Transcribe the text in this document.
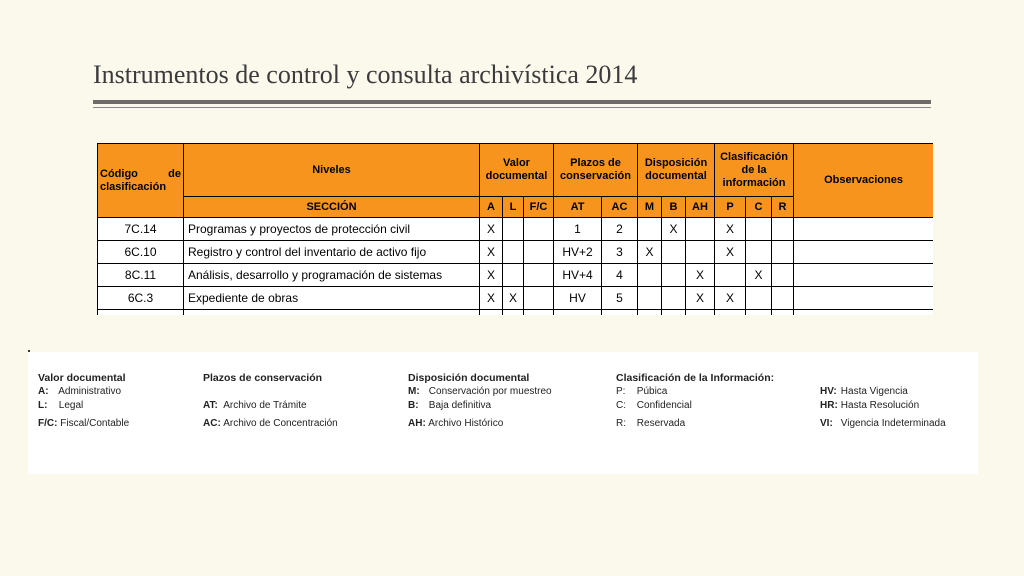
Instrumentos de control y consulta archivística 2014
Código de
clasificación	Niveles	Valor documental			Plazos de conservación		Disposición documental			Clasificación de la información			Observaciones
	SECCIÓN	A	L	F/C	AT	AC	M	B	AH	P	C	R	
7C.14	Programas y proyectos de protección civil	X			1	2		X		X			
6C.10	Registro y control del inventario de activo fijo	X			HV+2	3	X			X			
8C.11	Análisis, desarrollo y programación de sistemas	X			HV+4	4			X		X		
6C.3	Expediente de obras	X	X		HV	5			X	X			

Valor documental
A: Administrativo
L: Legal
F/C: Fiscal/Contable
Plazos de conservación
AT: Archivo de Trámite
AC: Archivo de Concentración
Disposición documental
M: Conservación por muestreo
B: Baja definitiva
AH: Archivo Histórico
Clasificación de la Información:
P: Púbica
C: Confidencial
R: Reservada
HV: Hasta Vigencia
HR: Hasta Resolución
VI: Vigencia Indeterminada
